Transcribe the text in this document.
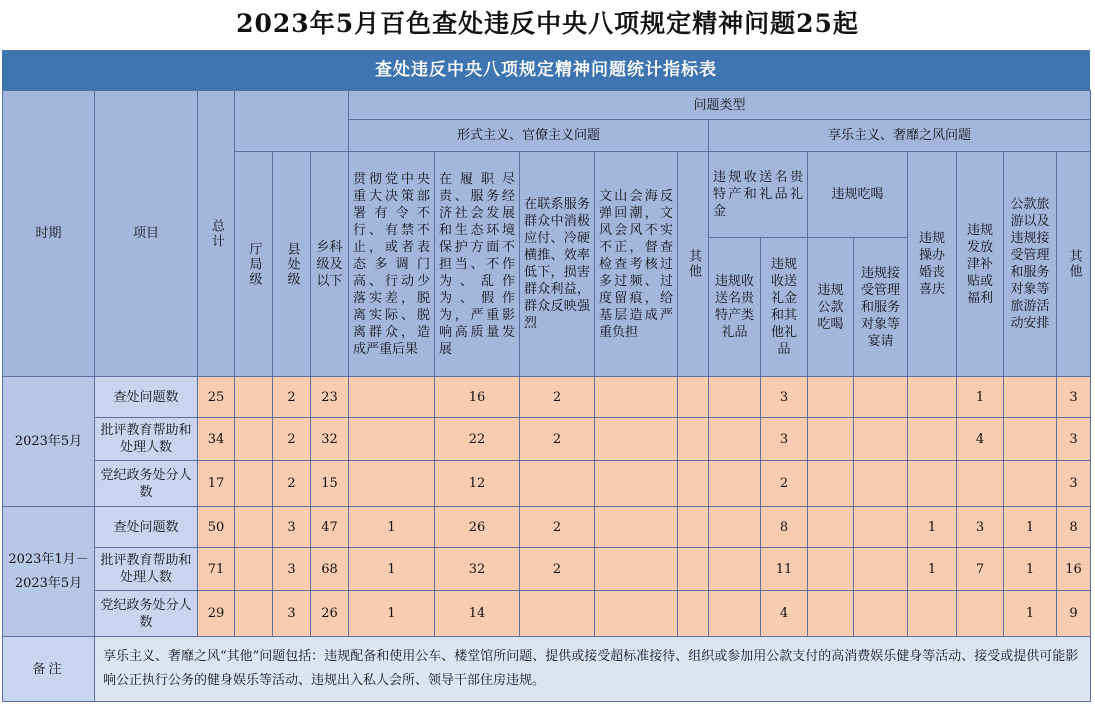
2023年5月百色查处违反中央八项规定精神问题25起
查处违反中央八项规定精神问题统计指标表
时期	项目	总计				问题类型												
						形式主义、官僚主义问题					享乐主义、奢靡之风问题							

			厅局级	县处级	乡科级及以下	贯彻党中央重大决策部署有令不行、有禁不止，或者表态多调门高、行动少落实差，脱离实际、脱离群众，造成严重后果	在履职尽责、服务经济社会发展和生态环境保护方面不担当、不作为、乱作为、假作为，严重影响高质量发展	在联系服务群众中消极应付、冷硬横推、效率低下，损害群众利益，群众反映强烈	文山会海反弹回潮，文风会风不实不正，督查检查考核过多过频、过度留痕，给基层造成严重负担	其他	违规收送名贵特产和礼品礼金		违规吃喝		违规操办婚丧喜庆	违规发放津补贴或福利	公款旅游以及违规接受管理和服务对象等旅游活动安排	其他

											违规收送名贵特产类礼品	违规收送礼金和其他礼品	违规公款吃喝	违规接受管理和服务对象等宴请				

2023年5月	查处问题数	25		2	23		16	2				3				1		3
	批评教育帮助和处理人数	34		2	32		22	2				3				4		3
	党纪政务处分人数	17		2	15		12					2						3

2023年1月－2023年5月	查处问题数	50		3	47	1	26	2				8			1	3	1	8
	批评教育帮助和处理人数	71		3	68	1	32	2				11			1	7	1	16
	党纪政务处分人数	29		3	26	1	14					4					1	9
备注	享乐主义、奢靡之风“其他”问题包括：违规配备和使用公车、楼堂馆所问题、提供或接受超标准接待、组织或参加用公款支付的高消费娱乐健身等活动、接受或提供可能影响公正执行公务的健身娱乐等活动、违规出入私人会所、领导干部住房违规。																	
